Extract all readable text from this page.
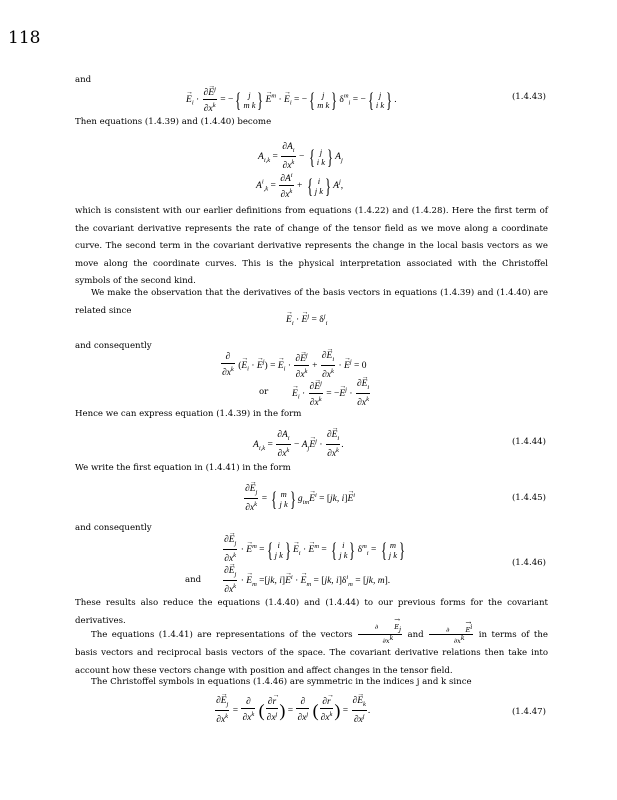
118
and
→ $E_i \cdot \frac{\partial\to E^j}{\partial x^k}$ = −{ j
m $k\} \to E^m$ · → $E_i$ = −{ j
m k} $\delta^m_i$ = −{ j
i k} .	(1.4.43)
Then equations (1.4.39) and (1.4.40) become
$A_{i,k} = \frac{\partial A_i}{\partial x^k}$ − { j
i k} $A_j$
$A^i_{,k} = \frac{\partial A^i}{\partial x^k}$ + { i
j k} $A^j$,
which is consistent with our earlier definitions from equations (1.4.22) and (1.4.28). Here the first term of the covariant derivative represents the rate of change of the tensor field as we move along a coordinate curve. The second term in the covariant derivative represents the change in the local basis vectors as we move along the coordinate curves. This is the physical interpretation associated with the Christoffel symbols of the second kind.
We make the observation that the derivatives of the basis vectors in equations (1.4.39) and (1.4.40) are related since
→ $E_i$ · → $E^j = \delta^j_i$
and consequently
$\frac{\partial}{\partial x^k}$ (→ $E_i$ · → $E^j$) = → $E_i \cdot \frac{\partial\to E^j}{\partial x^k} + \frac{\partial\to E_i}{\partial x^k}$ · → $E^j = 0$
or → $E_i \cdot \frac{\partial\to E^j}{\partial x^k}$ = −→ $E^j \cdot \frac{\partial\to E_i}{\partial x^k}$
Hence we can express equation (1.4.39) in the form
$A_{i,k} = \frac{\partial A_i}{\partial x^k} - A_j\to E^j \cdot \frac{\partial\to E_i}{\partial x^k}$ .	(1.4.44)
We write the first equation in (1.4.41) in the form
$\frac{\partial\to E_j}{\partial x^k}$ = { m
j k} $g_{im}\to E^i = [jk$, $i]\to E^i$	(1.4.45)
and consequently
$\frac{\partial\to E_j}{\partial x^k}$ · → $E^m$ ={ i
j $k\} \to E_i$ · → $E^m$ = { i
j k} $\delta^m_i$ = { m
j k}
and $\frac{\partial\to E_j}{\partial x^k}$ · → $E_m =[jk$, $i]\to E^i$ · → $E_m = [jk$, $i]\delta^i_m = [jk$, m].
(1.4.46)
These results also reduce the equations (1.4.40) and (1.4.44) to our previous forms for the covariant derivatives.
The equations (1.4.41) are representations of the vectors $\frac{\partial \to E_j}{\partial x^k}$ and $\frac{\partial \to E^i}{\partial x^k}$ in terms of the basis vectors and reciprocal basis vectors of the space. The covariant derivative relations then take into account how these vectors change with position and affect changes in the tensor field.
The Christoffel symbols in equations (1.4.46) are symmetric in the indices j and k since
$\frac{\partial\to E_j}{\partial x^k} = \frac{\partial}{\partial x^k}$ ( $\frac{\partial\to r}{\partial x^j}$ ) = $\frac{\partial}{\partial x^j}$ ( $\frac{\partial\to r}{\partial x^k}$ ) = $\frac{\partial\to E_k}{\partial x^j}$ .	(1.4.47)
